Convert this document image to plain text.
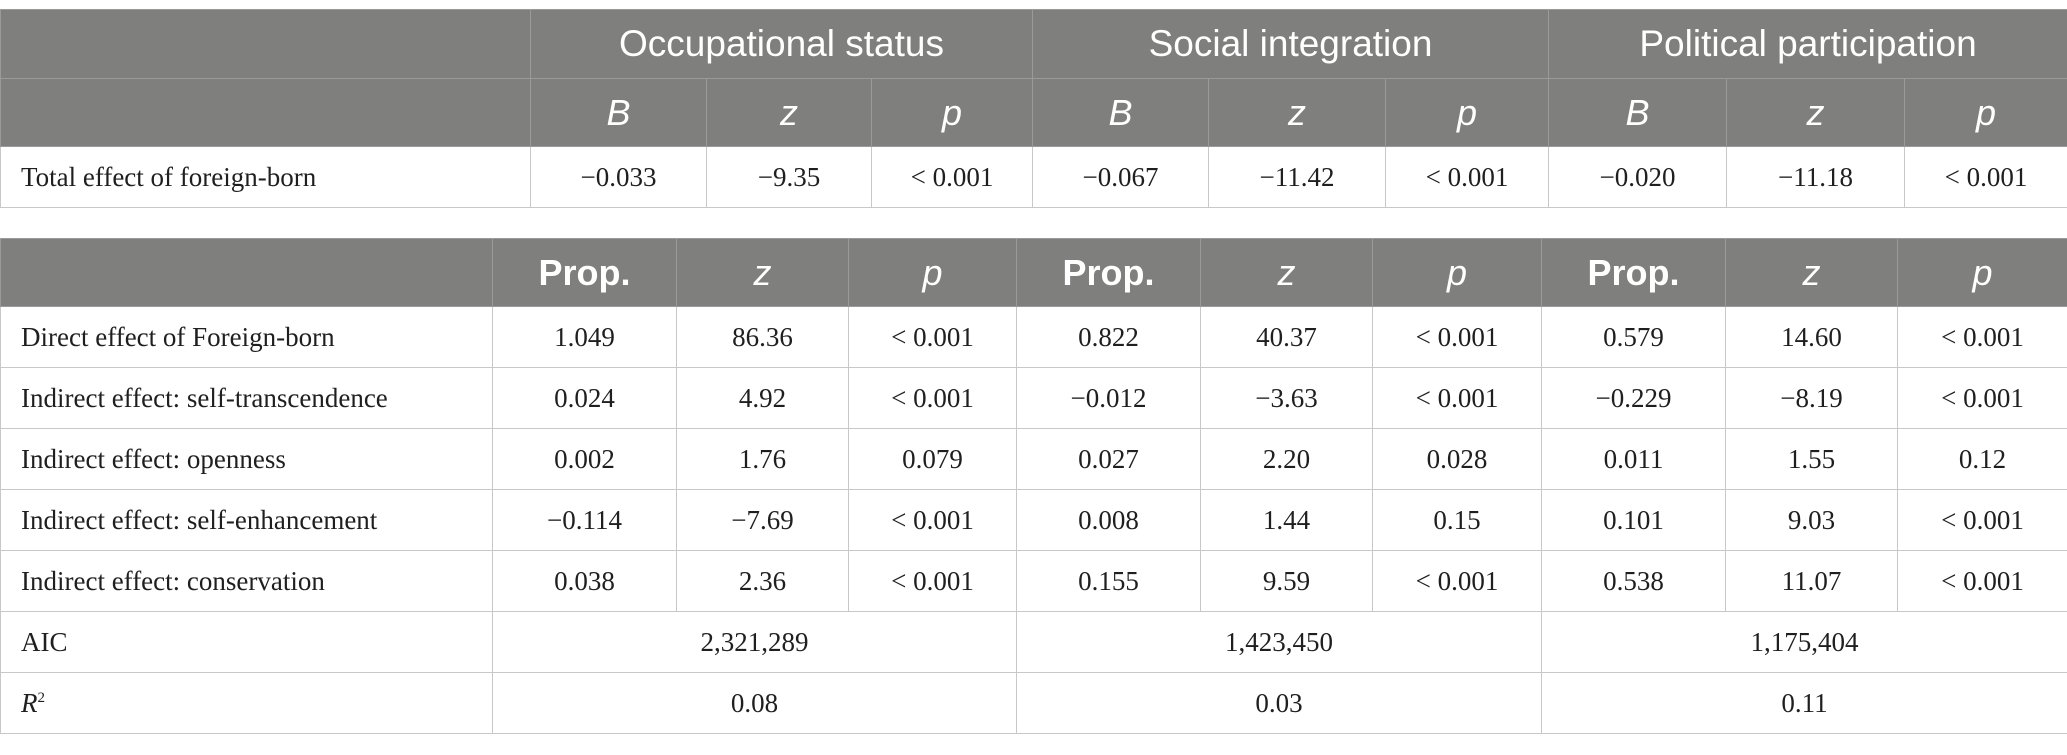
	Occupational status			Social integration			Political participation		
	B	z	p	B	z	p	B	z	p
Total effect of foreign-born	−0.033	−9.35	< 0.001	−0.067	−11.42	< 0.001	−0.020	−11.18	< 0.001
	Prop.	z	p	Prop.	z	p	Prop.	z	p
Direct effect of Foreign-born	1.049	86.36	< 0.001	0.822	40.37	< 0.001	0.579	14.60	< 0.001
Indirect effect: self-transcendence	0.024	4.92	< 0.001	−0.012	−3.63	< 0.001	−0.229	−8.19	< 0.001
Indirect effect: openness	0.002	1.76	0.079	0.027	2.20	0.028	0.011	1.55	0.12
Indirect effect: self-enhancement	−0.114	−7.69	< 0.001	0.008	1.44	0.15	0.101	9.03	< 0.001
Indirect effect: conservation	0.038	2.36	< 0.001	0.155	9.59	< 0.001	0.538	11.07	< 0.001
AIC	2,321,289			1,423,450			1,175,404		
$R^2$	0.08			0.03			0.11		
